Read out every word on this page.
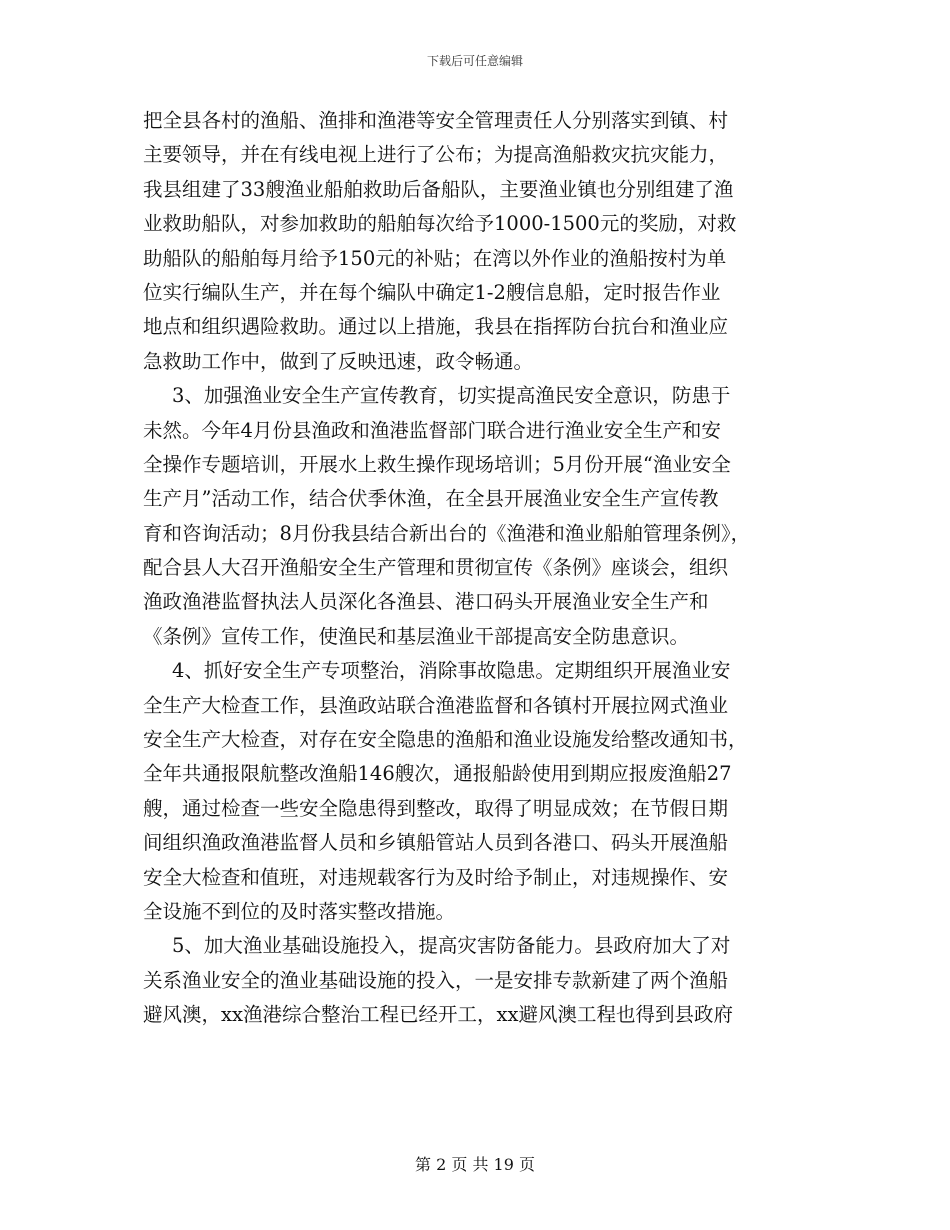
下载后可任意编辑
把全县各村的渔船、渔排和渔港等安全管理责任人分别落实到镇、村
主要领导，并在有线电视上进行了公布；为提高渔船救灾抗灾能力，
我县组建了33艘渔业船舶救助后备船队，主要渔业镇也分别组建了渔
业救助船队，对参加救助的船舶每次给予1000-1500元的奖励，对救
助船队的船舶每月给予150元的补贴；在湾以外作业的渔船按村为单
位实行编队生产，并在每个编队中确定1-2艘信息船，定时报告作业
地点和组织遇险救助。通过以上措施，我县在指挥防台抗台和渔业应
急救助工作中，做到了反映迅速，政令畅通。
3、加强渔业安全生产宣传教育，切实提高渔民安全意识，防患于
未然。今年4月份县渔政和渔港监督部门联合进行渔业安全生产和安
全操作专题培训，开展水上救生操作现场培训；5月份开展“渔业安全
生产月”活动工作，结合伏季休渔，在全县开展渔业安全生产宣传教
育和咨询活动；8月份我县结合新出台的《渔港和渔业船舶管理条例》，
配合县人大召开渔船安全生产管理和贯彻宣传《条例》座谈会，组织
渔政渔港监督执法人员深化各渔县、港口码头开展渔业安全生产和
《条例》宣传工作，使渔民和基层渔业干部提高安全防患意识。
4、抓好安全生产专项整治，消除事故隐患。定期组织开展渔业安
全生产大检查工作，县渔政站联合渔港监督和各镇村开展拉网式渔业
安全生产大检查，对存在安全隐患的渔船和渔业设施发给整改通知书，
全年共通报限航整改渔船146艘次，通报船龄使用到期应报废渔船27
艘，通过检查一些安全隐患得到整改，取得了明显成效；在节假日期
间组织渔政渔港监督人员和乡镇船管站人员到各港口、码头开展渔船
安全大检查和值班，对违规载客行为及时给予制止，对违规操作、安
全设施不到位的及时落实整改措施。
5、加大渔业基础设施投入，提高灾害防备能力。县政府加大了对
关系渔业安全的渔业基础设施的投入，一是安排专款新建了两个渔船
避风澳，xx渔港综合整治工程已经开工，xx避风澳工程也得到县政府
第 2 页 共 19 页
